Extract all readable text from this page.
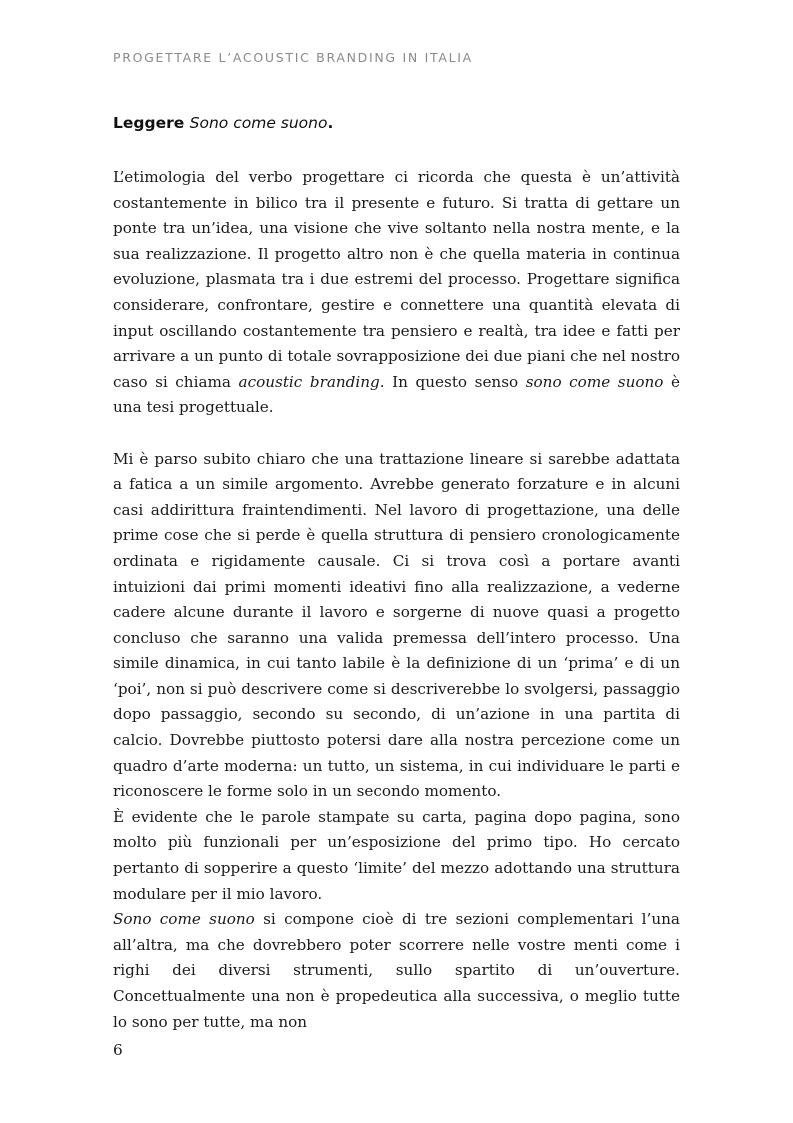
PROGETTARE L’ACOUSTIC BRANDING IN ITALIA
Leggere Sono come suono.

L’etimologia del verbo progettare ci ricorda che questa è un’attività costantemente in bilico tra il presente e futuro. Si tratta di gettare un ponte tra un’idea, una visione che vive soltanto nella nostra mente, e la sua realizzazione. Il progetto altro non è che quella materia in continua evoluzione, plasmata tra i due estremi del processo. Progettare significa considerare, confrontare, gestire e connettere una quantità elevata di input oscillando costantemente tra pensiero e realtà, tra idee e fatti per arrivare a un punto di totale sovrapposizione dei due piani che nel nostro caso si chiama acoustic branding. In questo senso sono come suono è una tesi progettuale.

Mi è parso subito chiaro che una trattazione lineare si sarebbe adattata a fatica a un simile argomento. Avrebbe generato forzature e in alcuni casi addirittura fraintendimenti. Nel lavoro di progettazione, una delle prime cose che si perde è quella struttura di pensiero cronologicamente ordinata e rigidamente causale. Ci si trova così a portare avanti intuizioni dai primi momenti ideativi fino alla realizzazione, a vederne cadere alcune durante il lavoro e sorgerne di nuove quasi a progetto concluso che saranno una valida premessa dell’intero processo. Una simile dinamica, in cui tanto labile è la definizione di un ‘prima’ e di un ‘poi’, non si può descrivere come si descriverebbe lo svolgersi, passaggio dopo passaggio, secondo su secondo, di un’azione in una partita di calcio. Dovrebbe piuttosto potersi dare alla nostra percezione come un quadro d’arte moderna: un tutto, un sistema, in cui individuare le parti e riconoscere le forme solo in un secondo momento.

È evidente che le parole stampate su carta, pagina dopo pagina, sono molto più funzionali per un’esposizione del primo tipo. Ho cercato pertanto di sopperire a questo ‘limite’ del mezzo adottando una struttura modulare per il mio lavoro.

Sono come suono si compone cioè di tre sezioni complementari l’una all’altra, ma che dovrebbero poter scorrere nelle vostre menti come i righi dei diversi strumenti, sullo spartito di un’ouverture. Concettualmente una non è propedeutica alla successiva, o meglio tutte lo sono per tutte, ma non

6
